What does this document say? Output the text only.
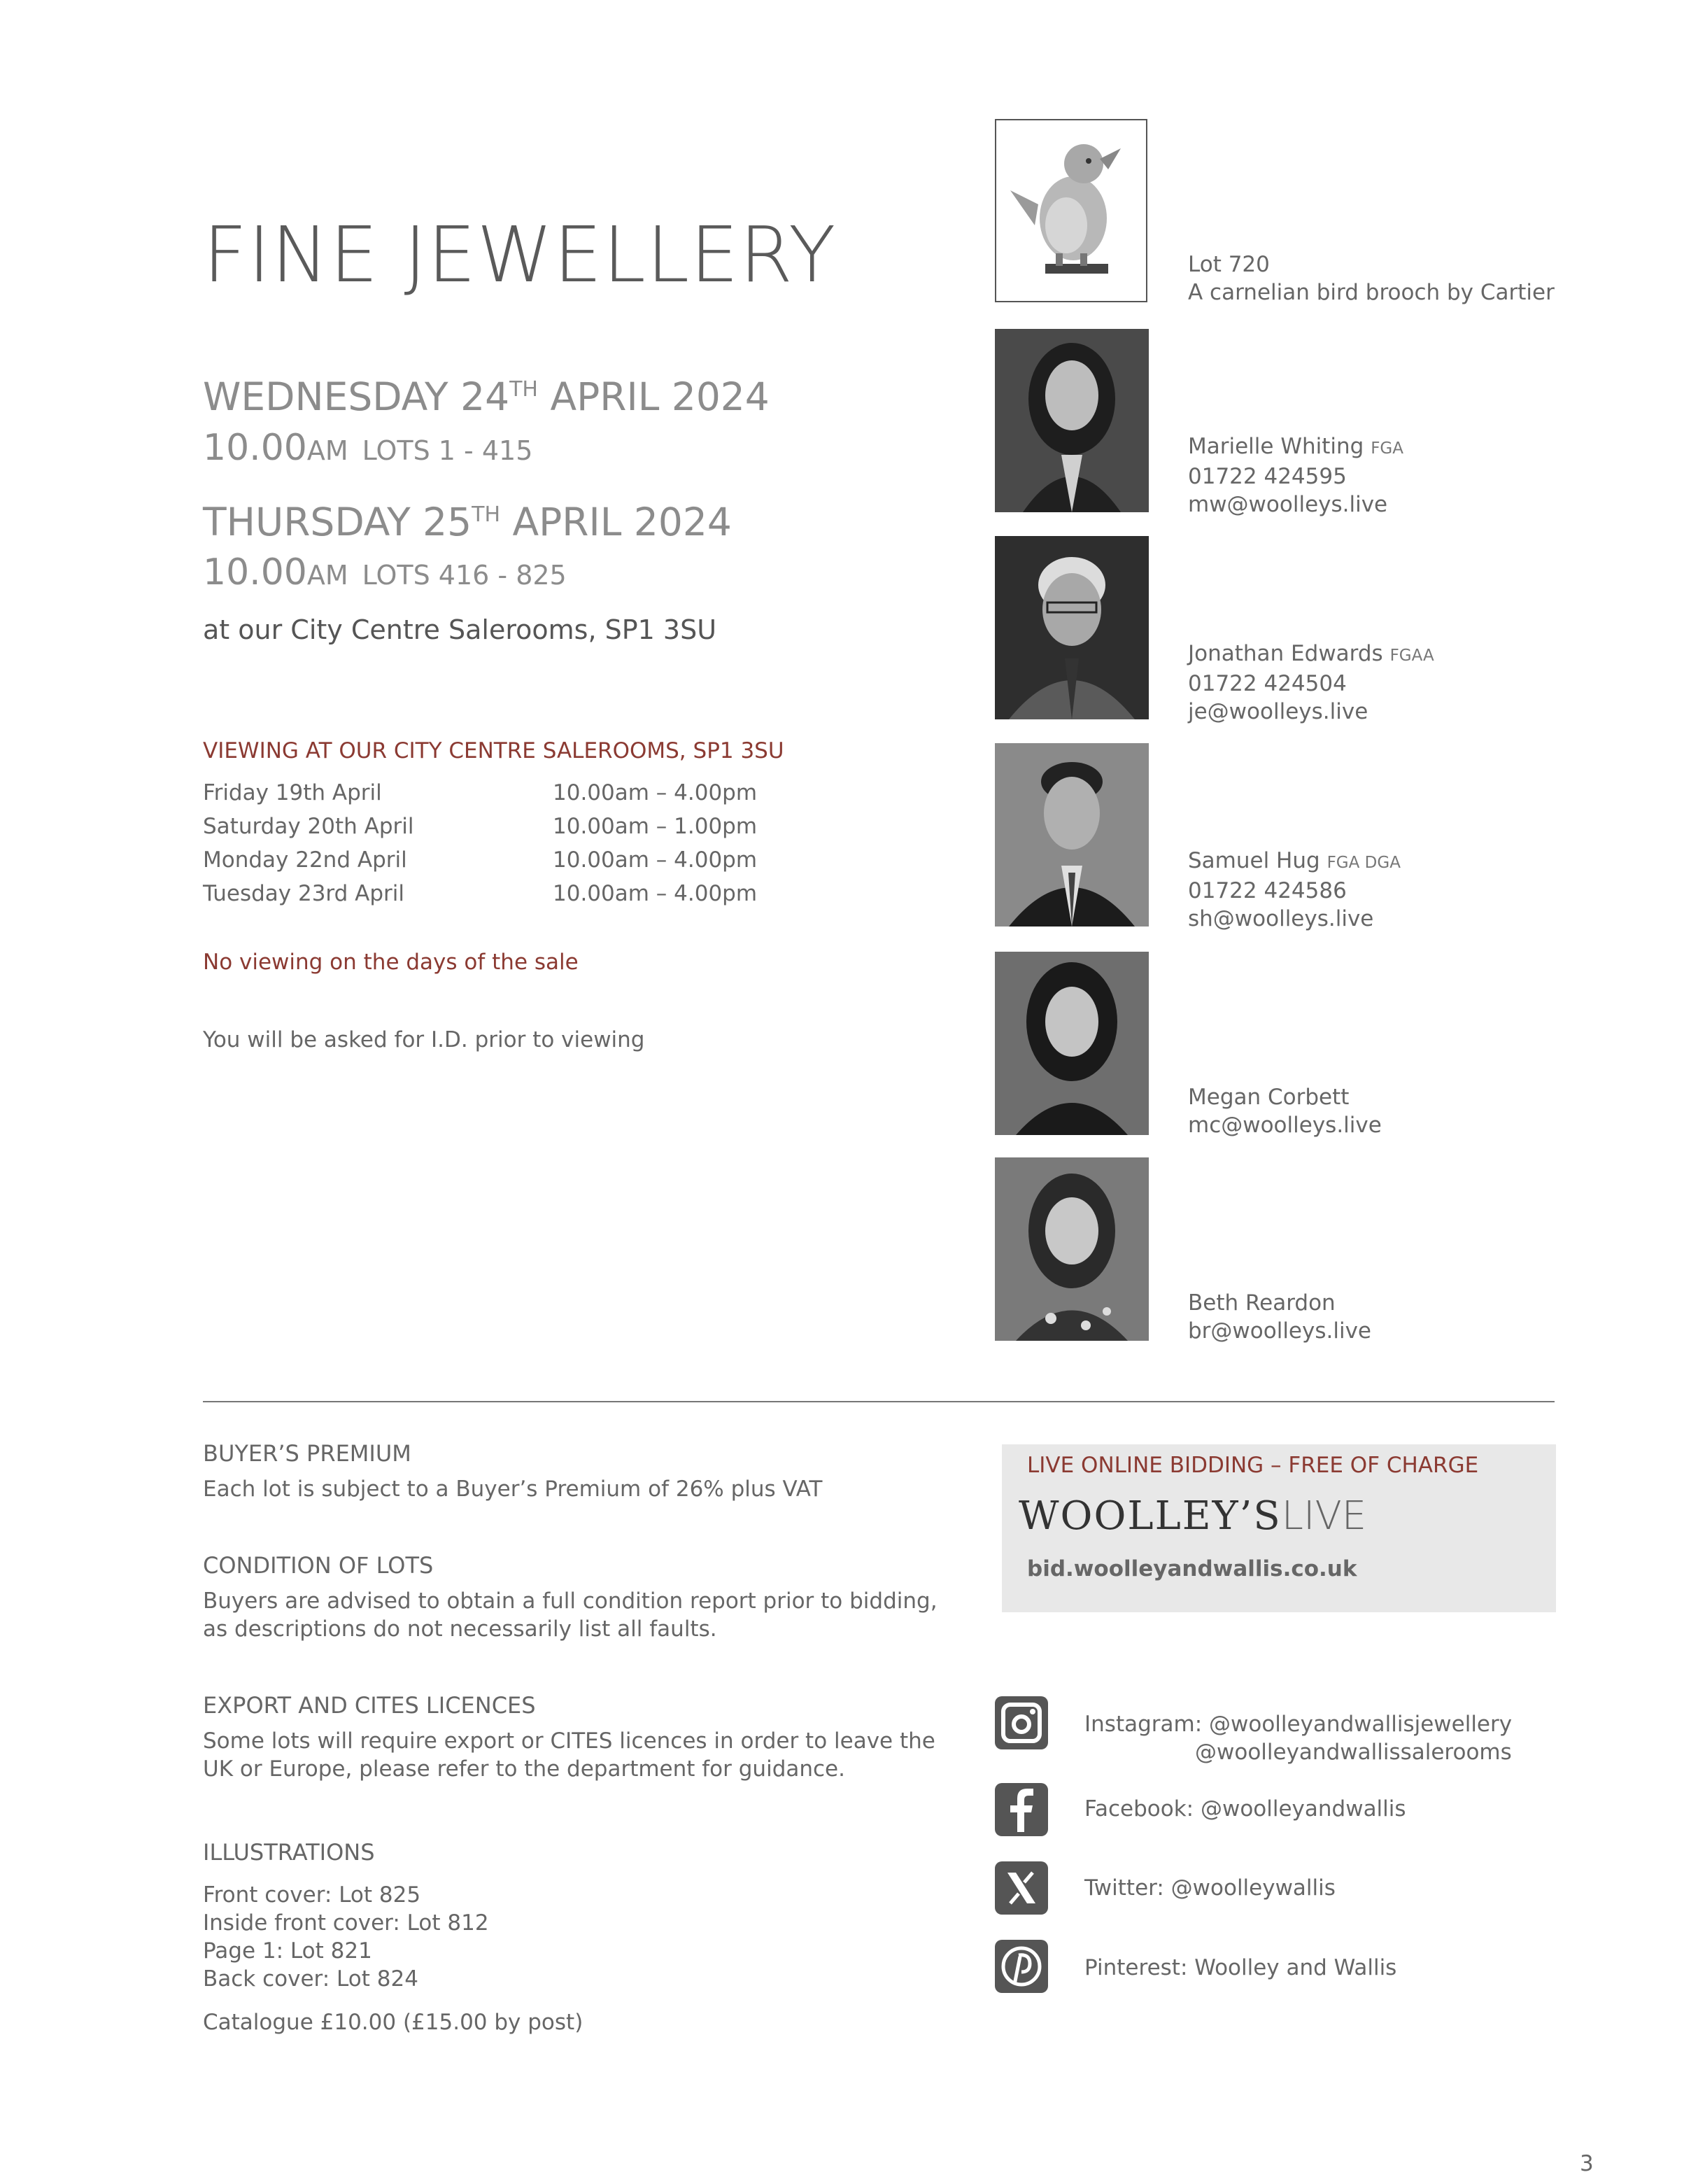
FINE JEWELLERY
WEDNESDAY 24TH APRIL 2024
10.00AM LOTS 1 - 415
THURSDAY 25TH APRIL 2024
10.00AM LOTS 416 - 825
at our City Centre Salerooms, SP1 3SU
VIEWING AT OUR CITY CENTRE SALEROOMS, SP1 3SU
Friday 19th April	10.00am – 4.00pm
Saturday 20th April	10.00am – 1.00pm
Monday 22nd April	10.00am – 4.00pm
Tuesday 23rd April	10.00am – 4.00pm
No viewing on the days of the sale
You will be asked for I.D. prior to viewing
Lot 720
A carnelian bird brooch by Cartier
Marielle Whiting FGA
01722 424595
mw@woolleys.live
Jonathan Edwards FGAA
01722 424504
je@woolleys.live
Samuel Hug FGA DGA
01722 424586
sh@woolleys.live
Megan Corbett
mc@woolleys.live
Beth Reardon
br@woolleys.live
BUYER’S PREMIUM
Each lot is subject to a Buyer’s Premium of 26% plus VAT
CONDITION OF LOTS
Buyers are advised to obtain a full condition report prior to bidding,
as descriptions do not necessarily list all faults.
EXPORT AND CITES LICENCES
Some lots will require export or CITES licences in order to leave the
UK or Europe, please refer to the department for guidance.
ILLUSTRATIONS
Front cover: Lot 825
Inside front cover: Lot 812
Page 1: Lot 821
Back cover: Lot 824
Catalogue £10.00 (£15.00 by post)
LIVE ONLINE BIDDING – FREE OF CHARGE
WOOLLEY’SLIVE
bid.woolleyandwallis.co.uk
Instagram: @woolleyandwallisjewellery
@woolleyandwallissalerooms
Facebook: @woolleyandwallis
Twitter: @woolleywallis
Pinterest: Woolley and Wallis
3
